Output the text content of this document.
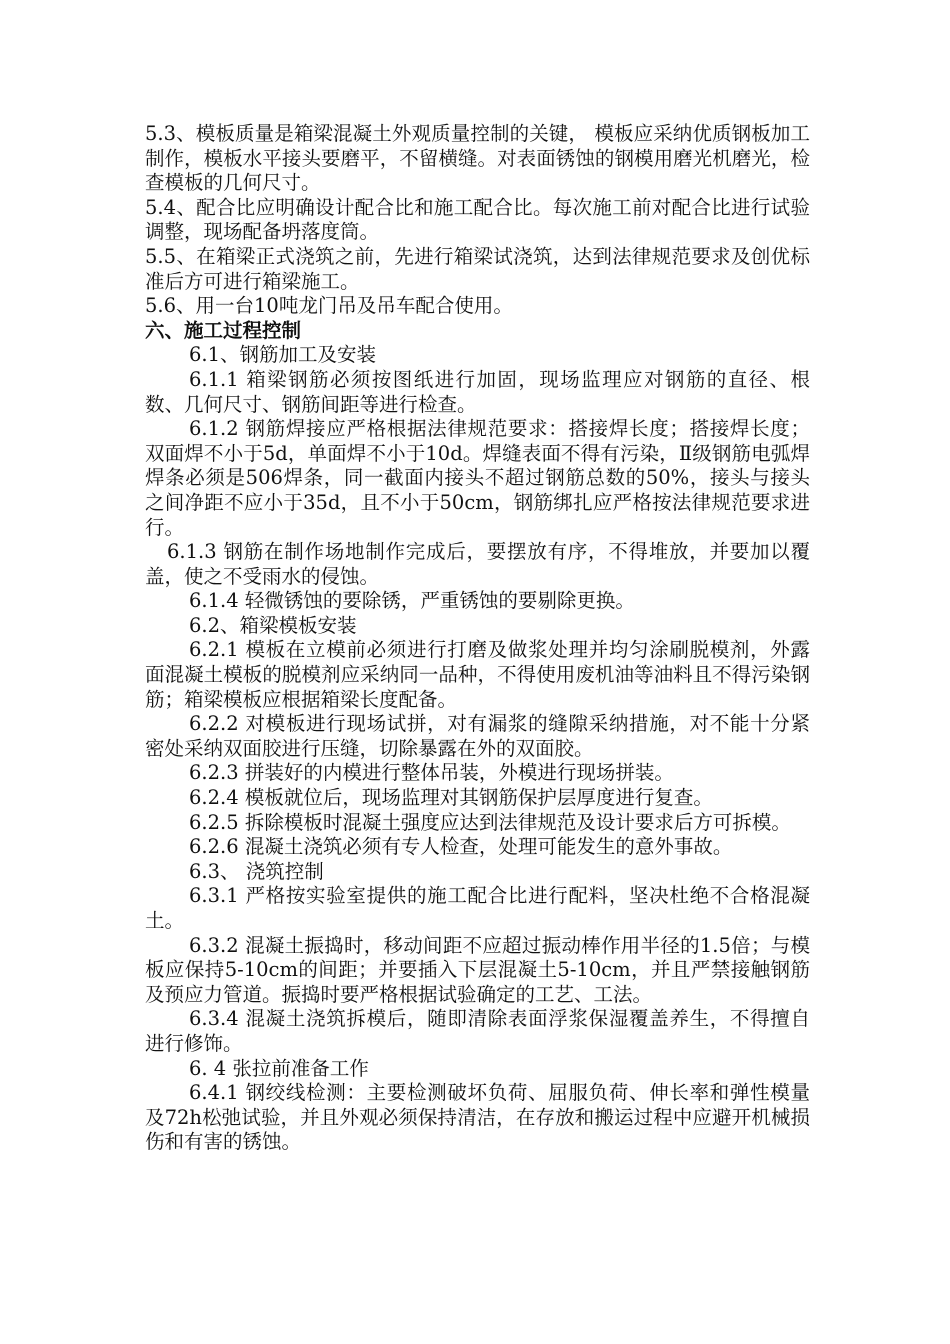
5.3、模板质量是箱梁混凝土外观质量控制的关键， 模板应采纳优质钢板加工制作，模板水平接头要磨平，不留横缝。对表面锈蚀的钢模用磨光机磨光，检查模板的几何尺寸。

5.4、配合比应明确设计配合比和施工配合比。每次施工前对配合比进行试验调整，现场配备坍落度筒。

5.5、在箱梁正式浇筑之前，先进行箱梁试浇筑，达到法律规范要求及创优标准后方可进行箱梁施工。

5.6、用一台10吨龙门吊及吊车配合使用。

六、施工过程控制

6.1、钢筋加工及安装

6.1.1 箱梁钢筋必须按图纸进行加固，现场监理应对钢筋的直径、根数、几何尺寸、钢筋间距等进行检查。

6.1.2 钢筋焊接应严格根据法律规范要求：搭接焊长度；搭接焊长度；双面焊不小于5d，单面焊不小于10d。焊缝表面不得有污染，Ⅱ级钢筋电弧焊焊条必须是506焊条，同一截面内接头不超过钢筋总数的50%，接头与接头之间净距不应小于35d，且不小于50cm，钢筋绑扎应严格按法律规范要求进行。

6.1.3 钢筋在制作场地制作完成后，要摆放有序，不得堆放，并要加以覆盖，使之不受雨水的侵蚀。

6.1.4 轻微锈蚀的要除锈，严重锈蚀的要剔除更换。

6.2、箱梁模板安装

6.2.1 模板在立模前必须进行打磨及做浆处理并均匀涂刷脱模剂，外露面混凝土模板的脱模剂应采纳同一品种，不得使用废机油等油料且不得污染钢筋；箱梁模板应根据箱梁长度配备。

6.2.2 对模板进行现场试拼，对有漏浆的缝隙采纳措施，对不能十分紧密处采纳双面胶进行压缝，切除暴露在外的双面胶。

6.2.3 拼装好的内模进行整体吊装，外模进行现场拼装。

6.2.4 模板就位后，现场监理对其钢筋保护层厚度进行复查。

6.2.5 拆除模板时混凝土强度应达到法律规范及设计要求后方可拆模。

6.2.6 混凝土浇筑必须有专人检查，处理可能发生的意外事故。

6.3、 浇筑控制

6.3.1 严格按实验室提供的施工配合比进行配料，坚决杜绝不合格混凝土。

6.3.2 混凝土振捣时，移动间距不应超过振动棒作用半径的1.5倍；与模板应保持5-10cm的间距；并要插入下层混凝土5-10cm，并且严禁接触钢筋及预应力管道。振捣时要严格根据试验确定的工艺、工法。

6.3.4 混凝土浇筑拆模后，随即清除表面浮浆保湿覆盖养生，不得擅自进行修饰。

6. 4 张拉前准备工作

6.4.1 钢绞线检测：主要检测破坏负荷、屈服负荷、伸长率和弹性模量及72h松弛试验，并且外观必须保持清洁，在存放和搬运过程中应避开机械损伤和有害的锈蚀。
